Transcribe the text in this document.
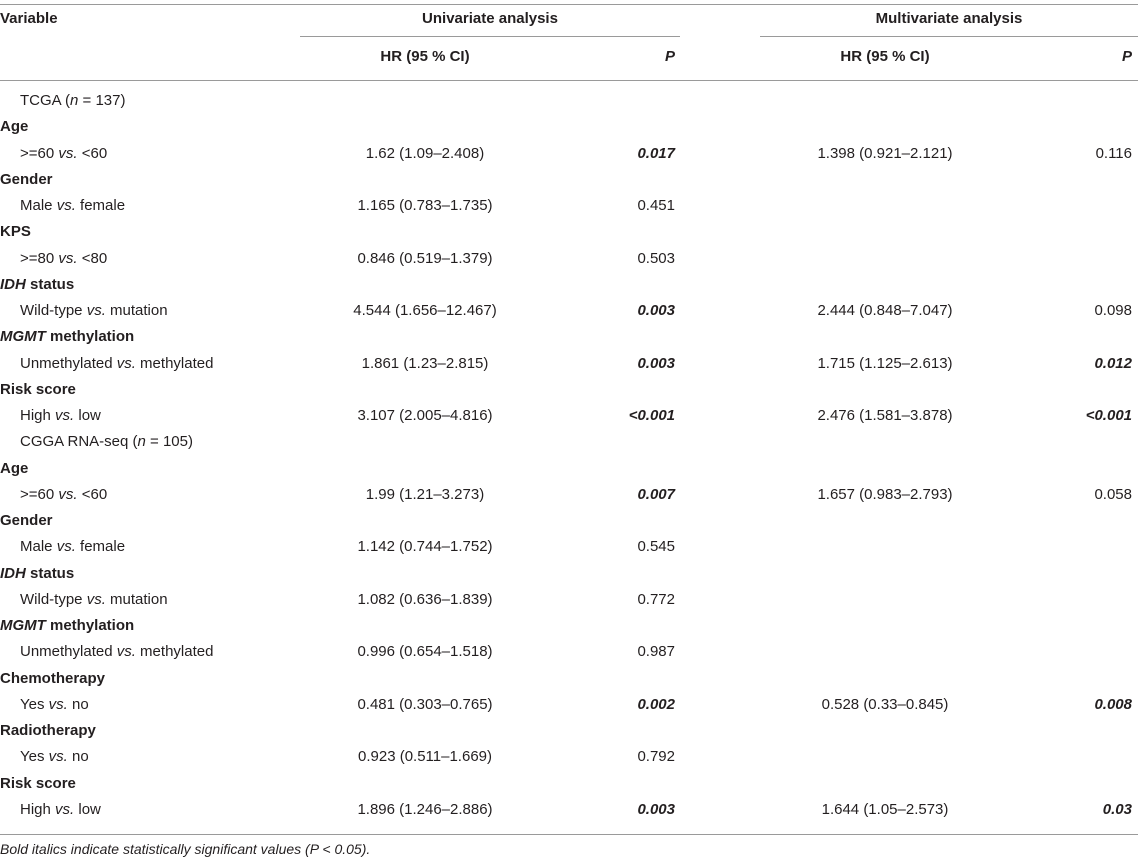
Variable	Univariate analysis	Multivariate analysis
HR (95 % CI)	P	HR (95 % CI)	P
TCGA (n = 137)
Age
>=60 vs. <60	1.62 (1.09–2.408)	0.017	1.398 (0.921–2.121)	0.116
Gender
Male vs. female	1.165 (0.783–1.735)	0.451
KPS
>=80 vs. <80	0.846 (0.519–1.379)	0.503
IDH status
Wild-type vs. mutation	4.544 (1.656–12.467)	0.003	2.444 (0.848–7.047)	0.098
MGMT methylation
Unmethylated vs. methylated	1.861 (1.23–2.815)	0.003	1.715 (1.125–2.613)	0.012
Risk score
High vs. low	3.107 (2.005–4.816)	<0.001	2.476 (1.581–3.878)	<0.001
CGGA RNA-seq (n = 105)
Age
>=60 vs. <60	1.99 (1.21–3.273)	0.007	1.657 (0.983–2.793)	0.058
Gender
Male vs. female	1.142 (0.744–1.752)	0.545
IDH status
Wild-type vs. mutation	1.082 (0.636–1.839)	0.772
MGMT methylation
Unmethylated vs. methylated	0.996 (0.654–1.518)	0.987
Chemotherapy
Yes vs. no	0.481 (0.303–0.765)	0.002	0.528 (0.33–0.845)	0.008
Radiotherapy
Yes vs. no	0.923 (0.511–1.669)	0.792
Risk score
High vs. low	1.896 (1.246–2.886)	0.003	1.644 (1.05–2.573)	0.03
Bold italics indicate statistically significant values (P < 0.05).
